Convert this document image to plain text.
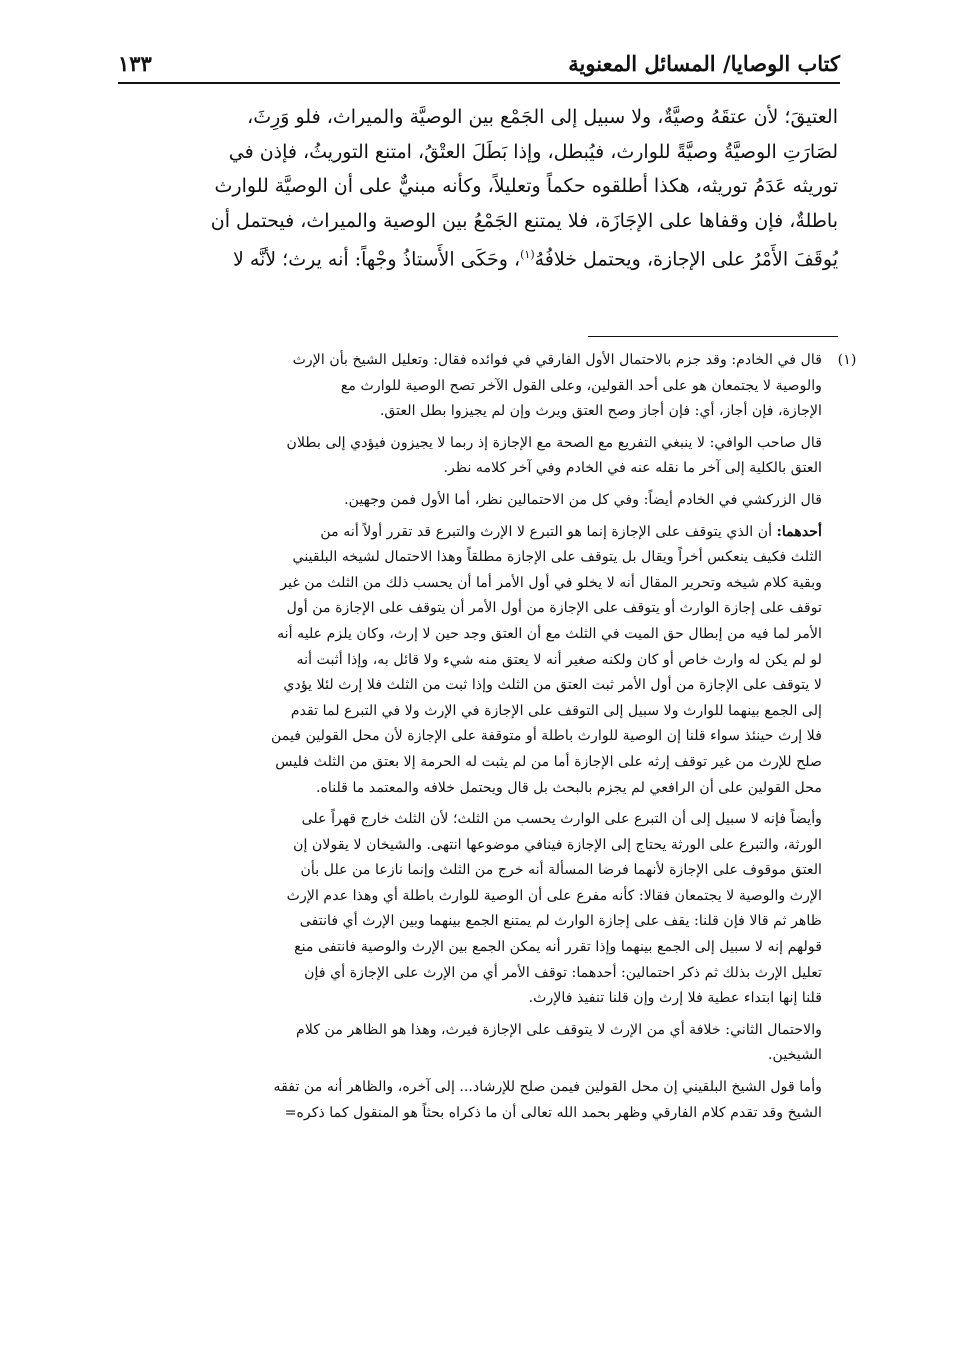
كتاب الوصايا/ المسائل المعنوية
١٣٣
العتيقَ؛ لأن عتقَهُ وصيَّةٌ، ولا سبيل إلى الجَمْع بين الوصيَّة والميراث، فلو وَرِثَ،
لصَارَتِ الوصيَّةُ وصيَّةً للوارث، فيُبطل، وإذا بَطَلَ العتْقُ، امتنع التوريثُ، فإذن في
توريثه عَدَمُ توريثه، هكذا أطلقوه حكماً وتعليلاً، وكأنه مبنيٌّ على أن الوصيَّة للوارث
باطلةٌ، فإن وقفاها على الإجَازَة، فلا يمتنع الجَمْعُ بين الوصية والميراث، فيحتمل أن
يُوقَفَ الأَمْرُ على الإجازة، ويحتمل خلافُهُ$^{(١)}$، وحَكَى الأَستاذُ وجْهاً: أنه يرث؛ لأنَّه لا
(١)

قال في الخادم: وقد جزم بالاحتمال الأول الفارقي في فوائده فقال: وتعليل الشيخ بأن الإرث
والوصية لا يجتمعان هو على أحد القولين، وعلى القول الآخر تصح الوصية للوارث مع
الإجازة، فإن أجاز، أي: فإن أجاز وصح العتق ويرث وإن لم يجيزوا بطل العتق.

قال صاحب الوافي: لا ينبغي التفريع مع الصحة مع الإجازة إذ ربما لا يجيزون فيؤدي إلى بطلان
العتق بالكلية إلى آخر ما نقله عنه في الخادم وفي آخر كلامه نظر.

قال الزركشي في الخادم أيضاً: وفي كل من الاحتمالين نظر، أما الأول فمن وجهين.

أحدهما: أن الذي يتوقف على الإجازة إنما هو التبرع لا الإرث والتبرع قد تقرر أولاً أنه من
الثلث فكيف ينعكس أخراً ويقال بل يتوقف على الإجازة مطلقاً وهذا الاحتمال لشيخه البلقيني
وبقية كلام شيخه وتحرير المقال أنه لا يخلو في أول الأمر أما أن يحسب ذلك من الثلث من غير
توقف على إجازة الوارث أو يتوقف على الإجازة من أول الأمر أن يتوقف على الإجازة من أول
الأمر لما فيه من إبطال حق الميت في الثلث مع أن العتق وجد حين لا إرث، وكان يلزم عليه أنه
لو لم يكن له وارث خاص أو كان ولكنه صغير أنه لا يعتق منه شيء ولا قائل به، وإذا أثبت أنه
لا يتوقف على الإجازة من أول الأمر ثبت العتق من الثلث وإذا ثبت من الثلث فلا إرث لئلا يؤدي
إلى الجمع بينهما للوارث ولا سبيل إلى التوقف على الإجازة في الإرث ولا في التبرع لما تقدم
فلا إرث حينئذ سواء قلنا إن الوصية للوارث باطلة أو متوقفة على الإجازة لأن محل القولين فيمن
صلح للإرث من غير توقف إرثه على الإجازة أما من لم يثبت له الحرمة إلا بعتق من الثلث فليس
محل القولين على أن الرافعي لم يجزم بالبحث بل قال ويحتمل خلافه والمعتمد ما قلناه.

وأيضاً فإنه لا سبيل إلى أن التبرع على الوارث يحسب من الثلث؛ لأن الثلث خارج قهراً على
الورثة، والتبرع على الورثة يحتاج إلى الإجازة فينافي موضوعها انتهى. والشيخان لا يقولان إن
العتق موقوف على الإجازة لأنهما فرضا المسألة أنه خرج من الثلث وإنما نازعا من علل بأن
الإرث والوصية لا يجتمعان فقالا: كأنه مفرع على أن الوصية للوارث باطلة أي وهذا عدم الإرث
ظاهر ثم قالا فإن قلنا: يقف على إجازة الوارث لم يمتنع الجمع بينهما وبين الإرث أي فانتفى
قولهم إنه لا سبيل إلى الجمع بينهما وإذا تقرر أنه يمكن الجمع بين الإرث والوصية فانتفى منع
تعليل الإرث بذلك ثم ذكر احتمالين: أحدهما: توقف الأمر أي من الإرث على الإجازة أي فإن
قلنا إنها ابتداء عطية فلا إرث وإن قلنا تنفيذ فالإرث.

والاحتمال الثاني: خلافة أي من الإرث لا يتوقف على الإجازة فيرث، وهذا هو الظاهر من كلام
الشيخين.

وأما قول الشيخ البلقيني إن محل القولين فيمن صلح للإرشاد... إلى آخره، والظاهر أنه من تفقه
الشيخ وقد تقدم كلام الفارقي وظهر بحمد الله تعالى أن ما ذكراه بحثاً هو المنقول كما ذكره=
